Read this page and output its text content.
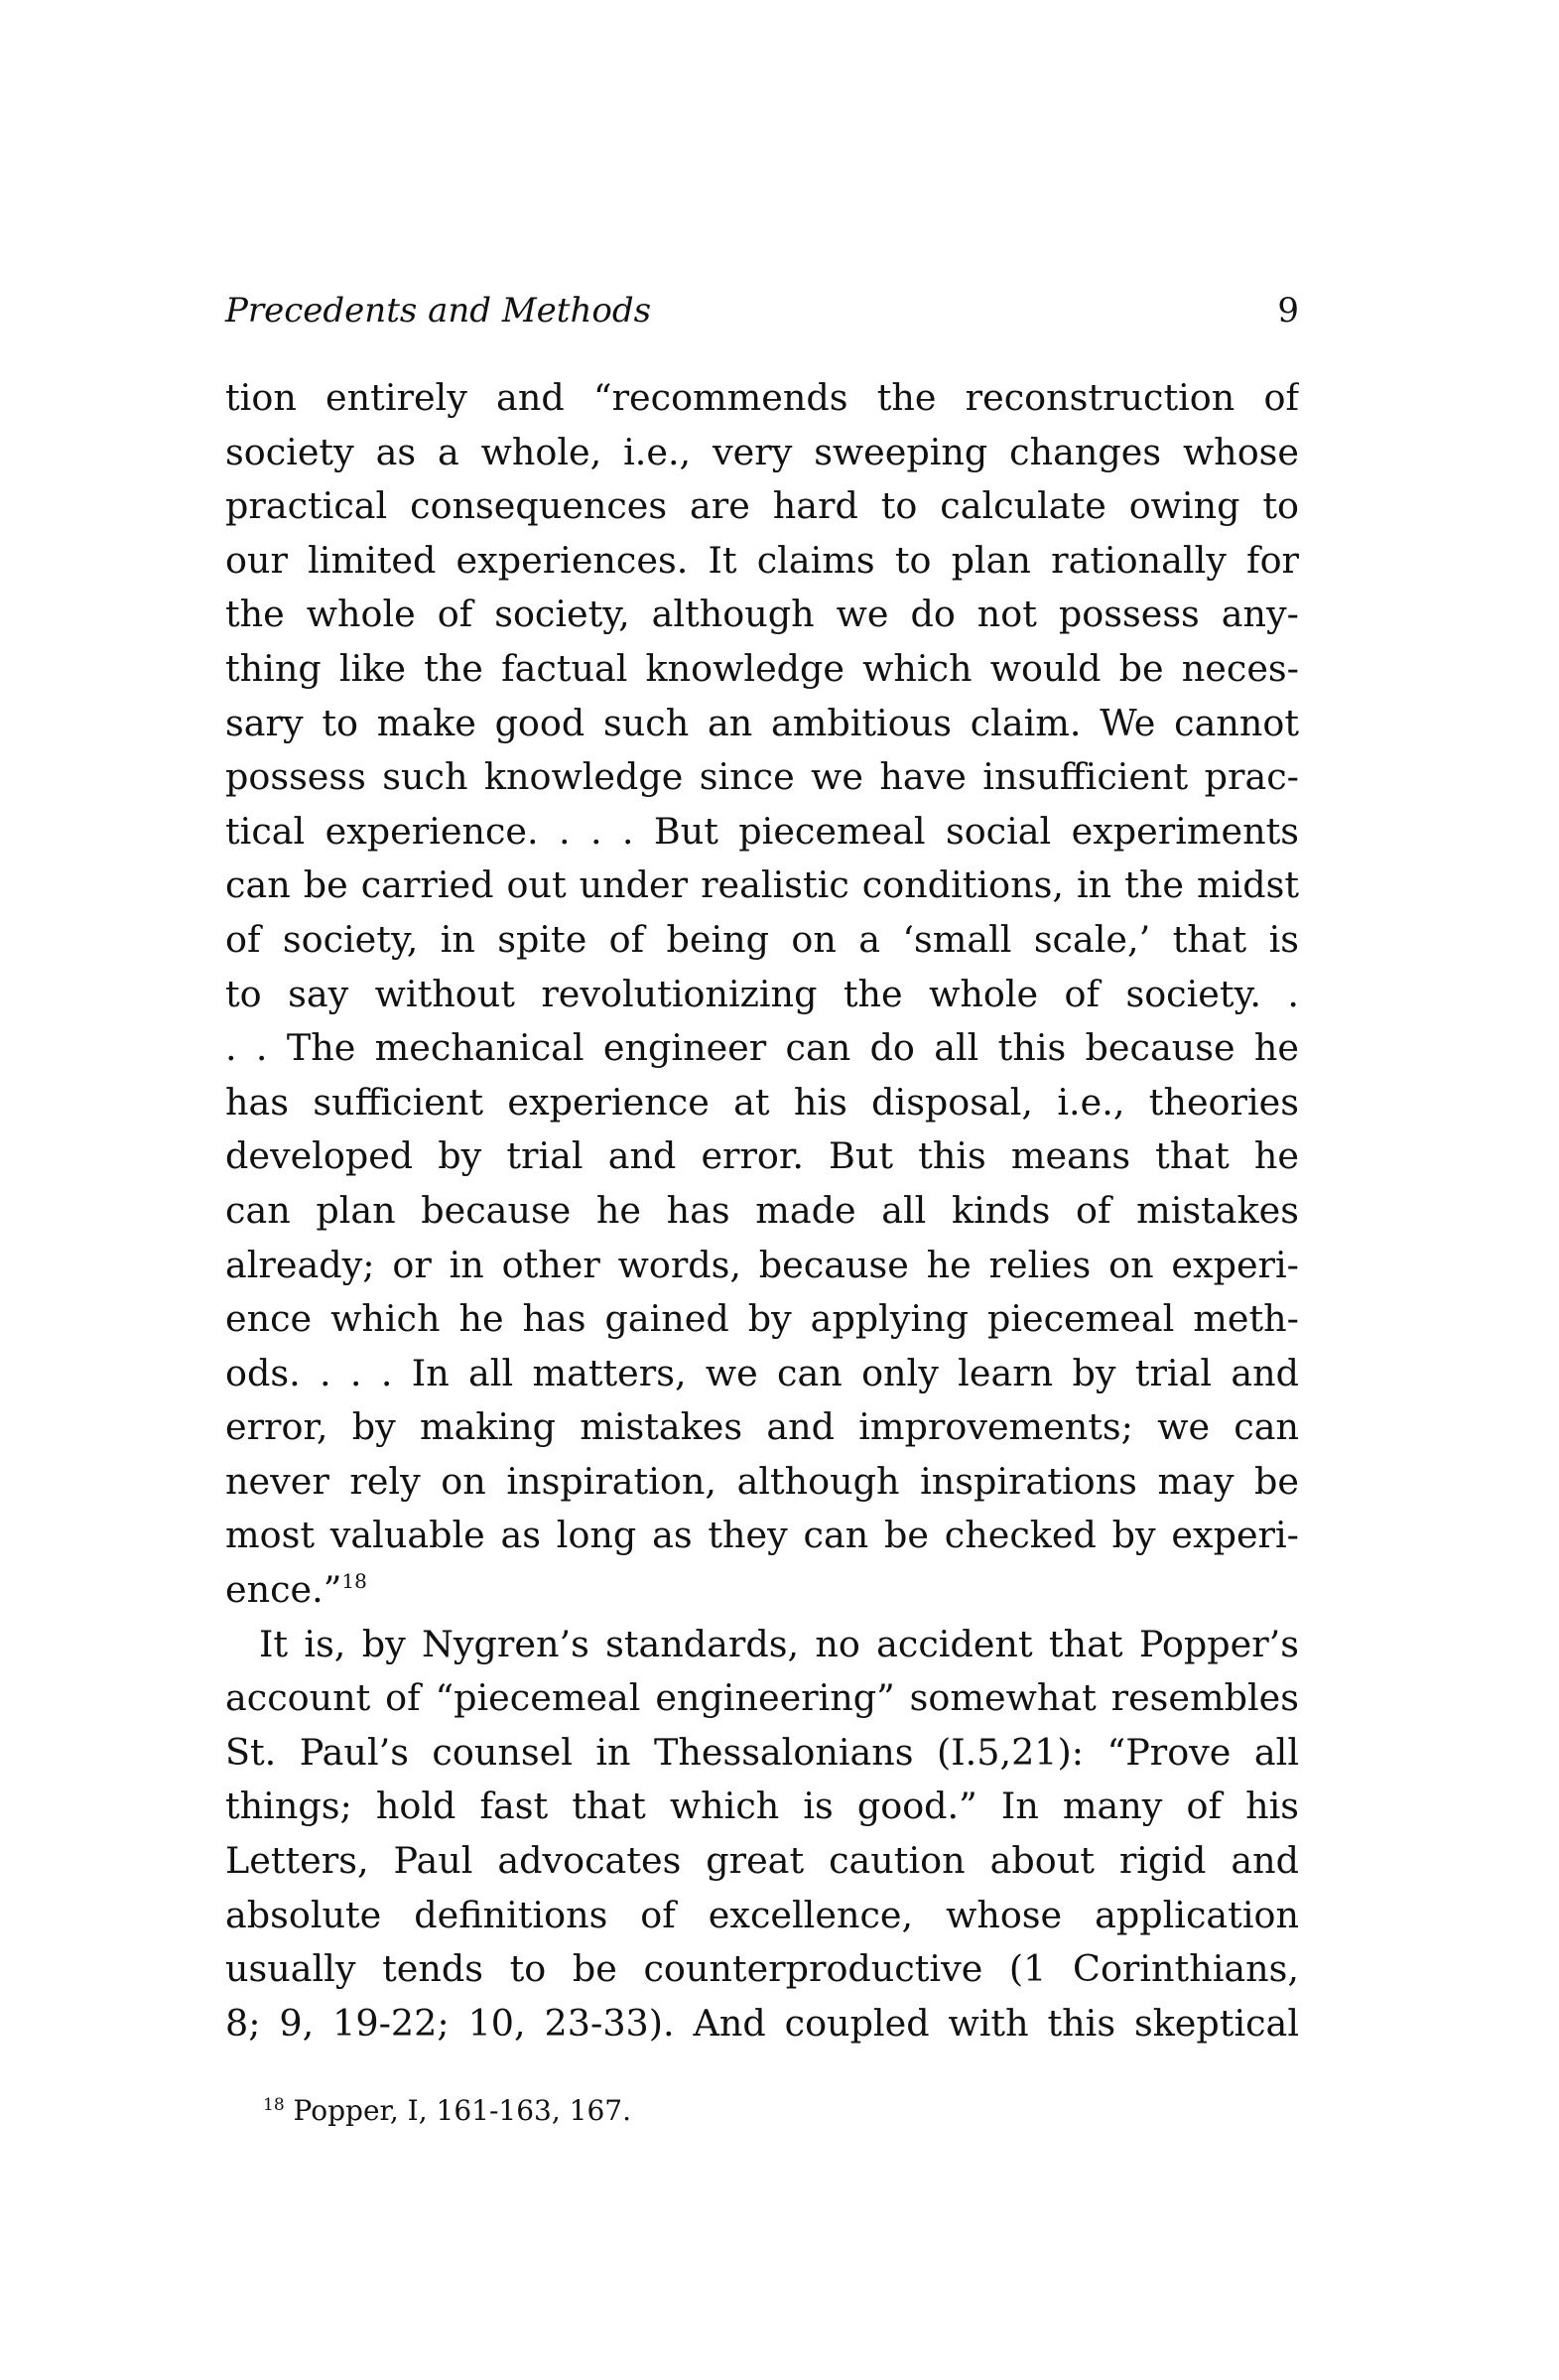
Precedents and Methods	9
tion entirely and “recommends the reconstruction of
society as a whole, i.e., very sweeping changes whose
practical consequences are hard to calculate owing to
our limited experiences. It claims to plan rationally for
the whole of society, although we do not possess any-
thing like the factual knowledge which would be neces-
sary to make good such an ambitious claim. We cannot
possess such knowledge since we have insufficient prac-
tical experience. . . . But piecemeal social experiments
can be carried out under realistic conditions, in the midst
of society, in spite of being on a ‘small scale,’ that is
to say without revolutionizing the whole of society. .
. . The mechanical engineer can do all this because he
has sufficient experience at his disposal, i.e., theories
developed by trial and error. But this means that he
can plan because he has made all kinds of mistakes
already; or in other words, because he relies on experi-
ence which he has gained by applying piecemeal meth-
ods. . . . In all matters, we can only learn by trial and
error, by making mistakes and improvements; we can
never rely on inspiration, although inspirations may be
most valuable as long as they can be checked by experi-
ence.”$^{18}$
It is, by Nygren’s standards, no accident that Popper’s
account of “piecemeal engineering” somewhat resembles
St. Paul’s counsel in Thessalonians (I.5,21): “Prove all
things; hold fast that which is good.” In many of his
Letters, Paul advocates great caution about rigid and
absolute definitions of excellence, whose application
usually tends to be counterproductive (1 Corinthians,
8; 9, 19-22; 10, 23-33). And coupled with this skeptical
$^{18}$ Popper, I, 161-163, 167.
